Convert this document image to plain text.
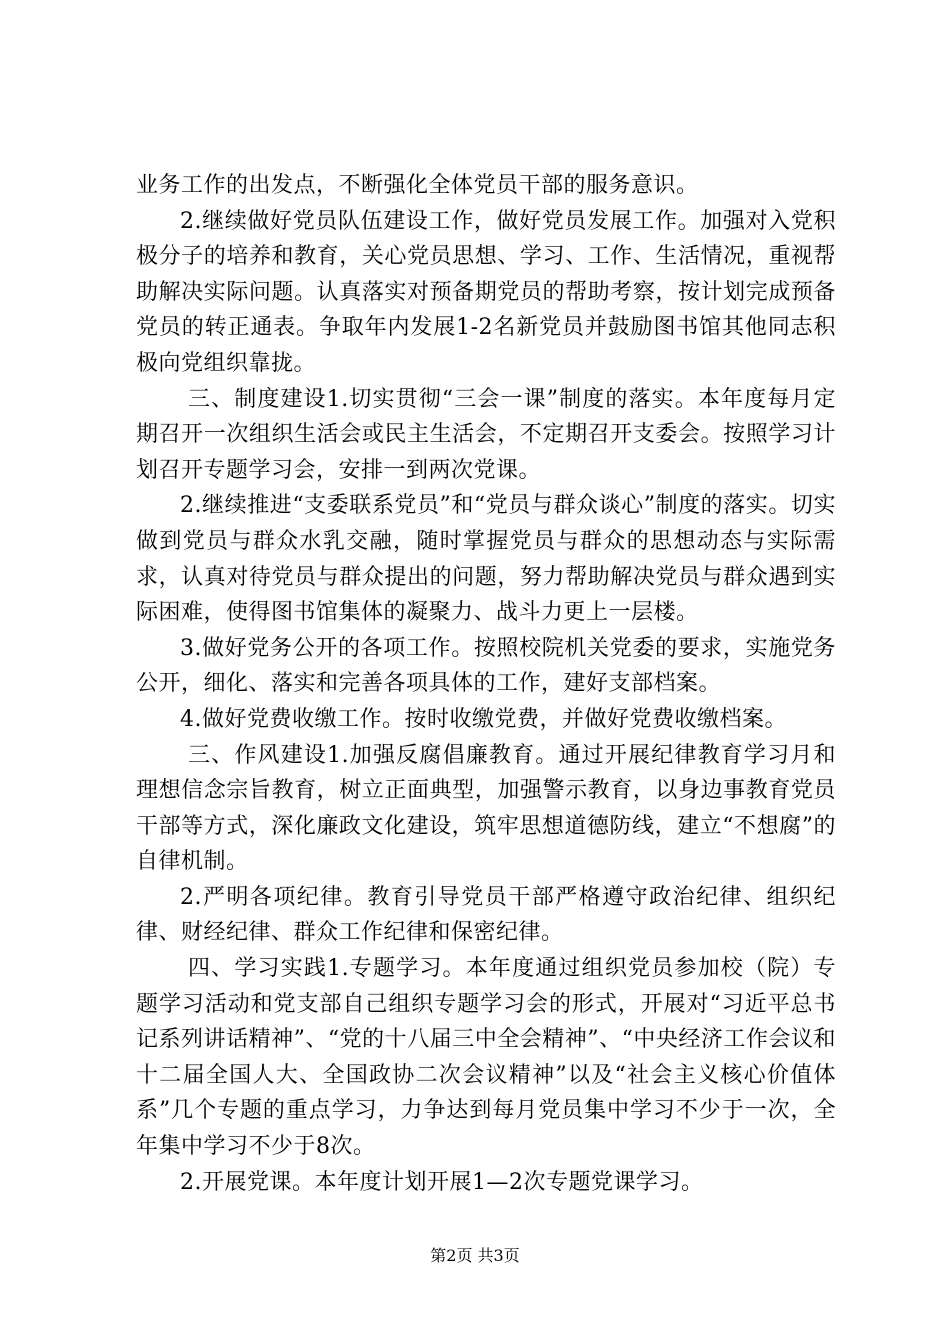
业务工作的出发点，不断强化全体党员干部的服务意识。

2.继续做好党员队伍建设工作，做好党员发展工作。加强对入党积极分子的培养和教育，关心党员思想、学习、工作、生活情况，重视帮助解决实际问题。认真落实对预备期党员的帮助考察，按计划完成预备党员的转正通表。争取年内发展1-2名新党员并鼓励图书馆其他同志积极向党组织靠拢。

三、制度建设1.切实贯彻“三会一课”制度的落实。本年度每月定期召开一次组织生活会或民主生活会，不定期召开支委会。按照学习计划召开专题学习会，安排一到两次党课。

2.继续推进“支委联系党员”和“党员与群众谈心”制度的落实。切实做到党员与群众水乳交融，随时掌握党员与群众的思想动态与实际需求，认真对待党员与群众提出的问题，努力帮助解决党员与群众遇到实际困难，使得图书馆集体的凝聚力、战斗力更上一层楼。

3.做好党务公开的各项工作。按照校院机关党委的要求，实施党务公开，细化、落实和完善各项具体的工作，建好支部档案。

4.做好党费收缴工作。按时收缴党费，并做好党费收缴档案。

三、作风建设1.加强反腐倡廉教育。通过开展纪律教育学习月和理想信念宗旨教育，树立正面典型，加强警示教育，以身边事教育党员干部等方式，深化廉政文化建设，筑牢思想道德防线，建立“不想腐”的自律机制。

2.严明各项纪律。教育引导党员干部严格遵守政治纪律、组织纪律、财经纪律、群众工作纪律和保密纪律。

四、学习实践1.专题学习。本年度通过组织党员参加校（院）专题学习活动和党支部自己组织专题学习会的形式，开展对“习近平总书记系列讲话精神”、“党的十八届三中全会精神”、“中央经济工作会议和十二届全国人大、全国政协二次会议精神”以及“社会主义核心价值体系”几个专题的重点学习，力争达到每月党员集中学习不少于一次，全年集中学习不少于8次。

2.开展党课。本年度计划开展1—2次专题党课学习。

第2页 共3页
